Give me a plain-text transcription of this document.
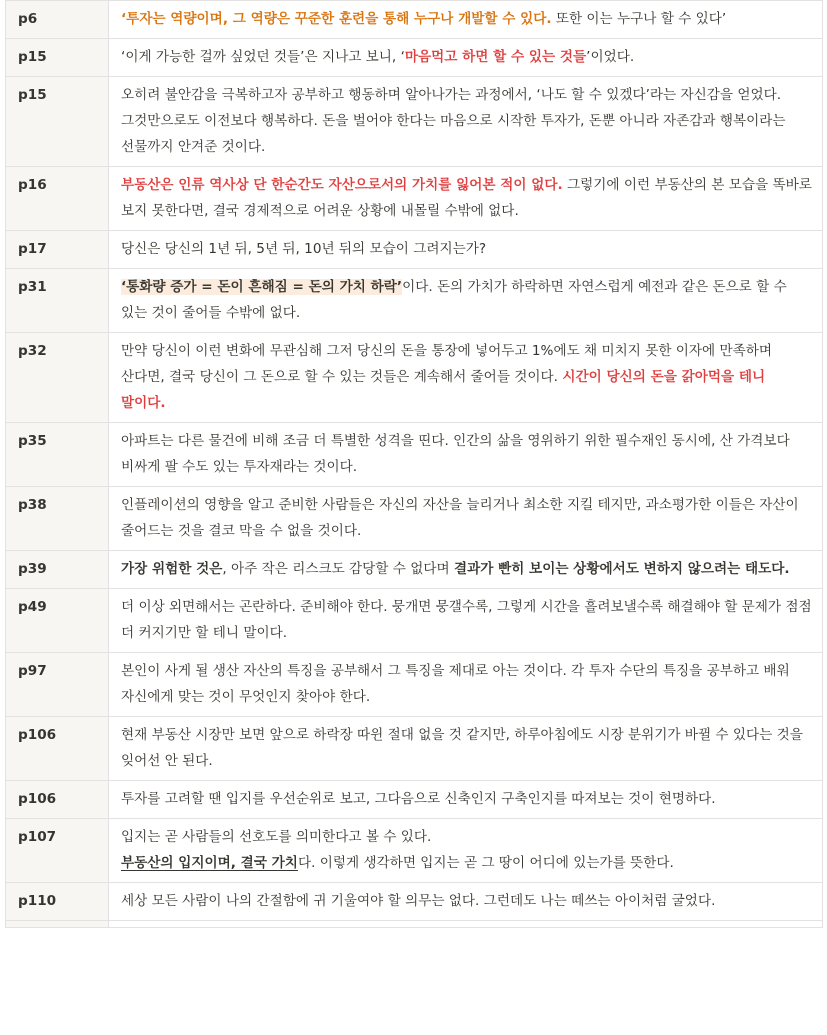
p6	‘투자는 역량이며, 그 역량은 꾸준한 훈련을 통해 누구나 개발할 수 있다. 또한 이는 누구나 할 수 있다’
p15	‘이게 가능한 걸까 싶었던 것들’은 지나고 보니, ‘마음먹고 하면 할 수 있는 것들’이었다.
p15	오히려 불안감을 극복하고자 공부하고 행동하며 알아나가는 과정에서, ‘나도 할 수 있겠다’라는 자신감을 얻었다. 그것만으로도 이전보다 행복하다. 돈을 벌어야 한다는 마음으로 시작한 투자가, 돈뿐 아니라 자존감과 행복이라는 선물까지 안겨준 것이다.
p16	부동산은 인류 역사상 단 한순간도 자산으로서의 가치를 잃어본 적이 없다. 그렇기에 이런 부동산의 본 모습을 똑바로 보지 못한다면, 결국 경제적으로 어려운 상황에 내몰릴 수밖에 없다.
p17	당신은 당신의 1년 뒤, 5년 뒤, 10년 뒤의 모습이 그려지는가?
p31	‘통화량 증가 = 돈이 흔해짐 = 돈의 가치 하락’이다. 돈의 가치가 하락하면 자연스럽게 예전과 같은 돈으로 할 수 있는 것이 줄어들 수밖에 없다.
p32	만약 당신이 이런 변화에 무관심해 그저 당신의 돈을 통장에 넣어두고 1%에도 채 미치지 못한 이자에 만족하며 산다면, 결국 당신이 그 돈으로 할 수 있는 것들은 계속해서 줄어들 것이다. 시간이 당신의 돈을 갉아먹을 테니 말이다.
p35	아파트는 다른 물건에 비해 조금 더 특별한 성격을 띤다. 인간의 삶을 영위하기 위한 필수재인 동시에, 산 가격보다 비싸게 팔 수도 있는 투자재라는 것이다.
p38	인플레이션의 영향을 알고 준비한 사람들은 자신의 자산을 늘리거나 최소한 지킬 테지만, 과소평가한 이들은 자산이 줄어드는 것을 결코 막을 수 없을 것이다.
p39	가장 위험한 것은, 아주 작은 리스크도 감당할 수 없다며 결과가 빤히 보이는 상황에서도 변하지 않으려는 태도다.
p49	더 이상 외면해서는 곤란하다. 준비해야 한다. 뭉개면 뭉갤수록, 그렇게 시간을 흘려보낼수록 해결해야 할 문제가 점점 더 커지기만 할 테니 말이다.
p97	본인이 사게 될 생산 자산의 특징을 공부해서 그 특징을 제대로 아는 것이다. 각 투자 수단의 특징을 공부하고 배워 자신에게 맞는 것이 무엇인지 찾아야 한다.
p106	현재 부동산 시장만 보면 앞으로 하락장 따윈 절대 없을 것 같지만, 하루아침에도 시장 분위기가 바뀔 수 있다는 것을 잊어선 안 된다.
p106	투자를 고려할 땐 입지를 우선순위로 보고, 그다음으로 신축인지 구축인지를 따져보는 것이 현명하다.
p107	입지는 곧 사람들의 선호도를 의미한다고 볼 수 있다.
부동산의 입지이며, 결국 가치다. 이렇게 생각하면 입지는 곧 그 땅이 어디에 있는가를 뜻한다.
p110	세상 모든 사람이 나의 간절함에 귀 기울여야 할 의무는 없다. 그런데도 나는 떼쓰는 아이처럼 굴었다.
